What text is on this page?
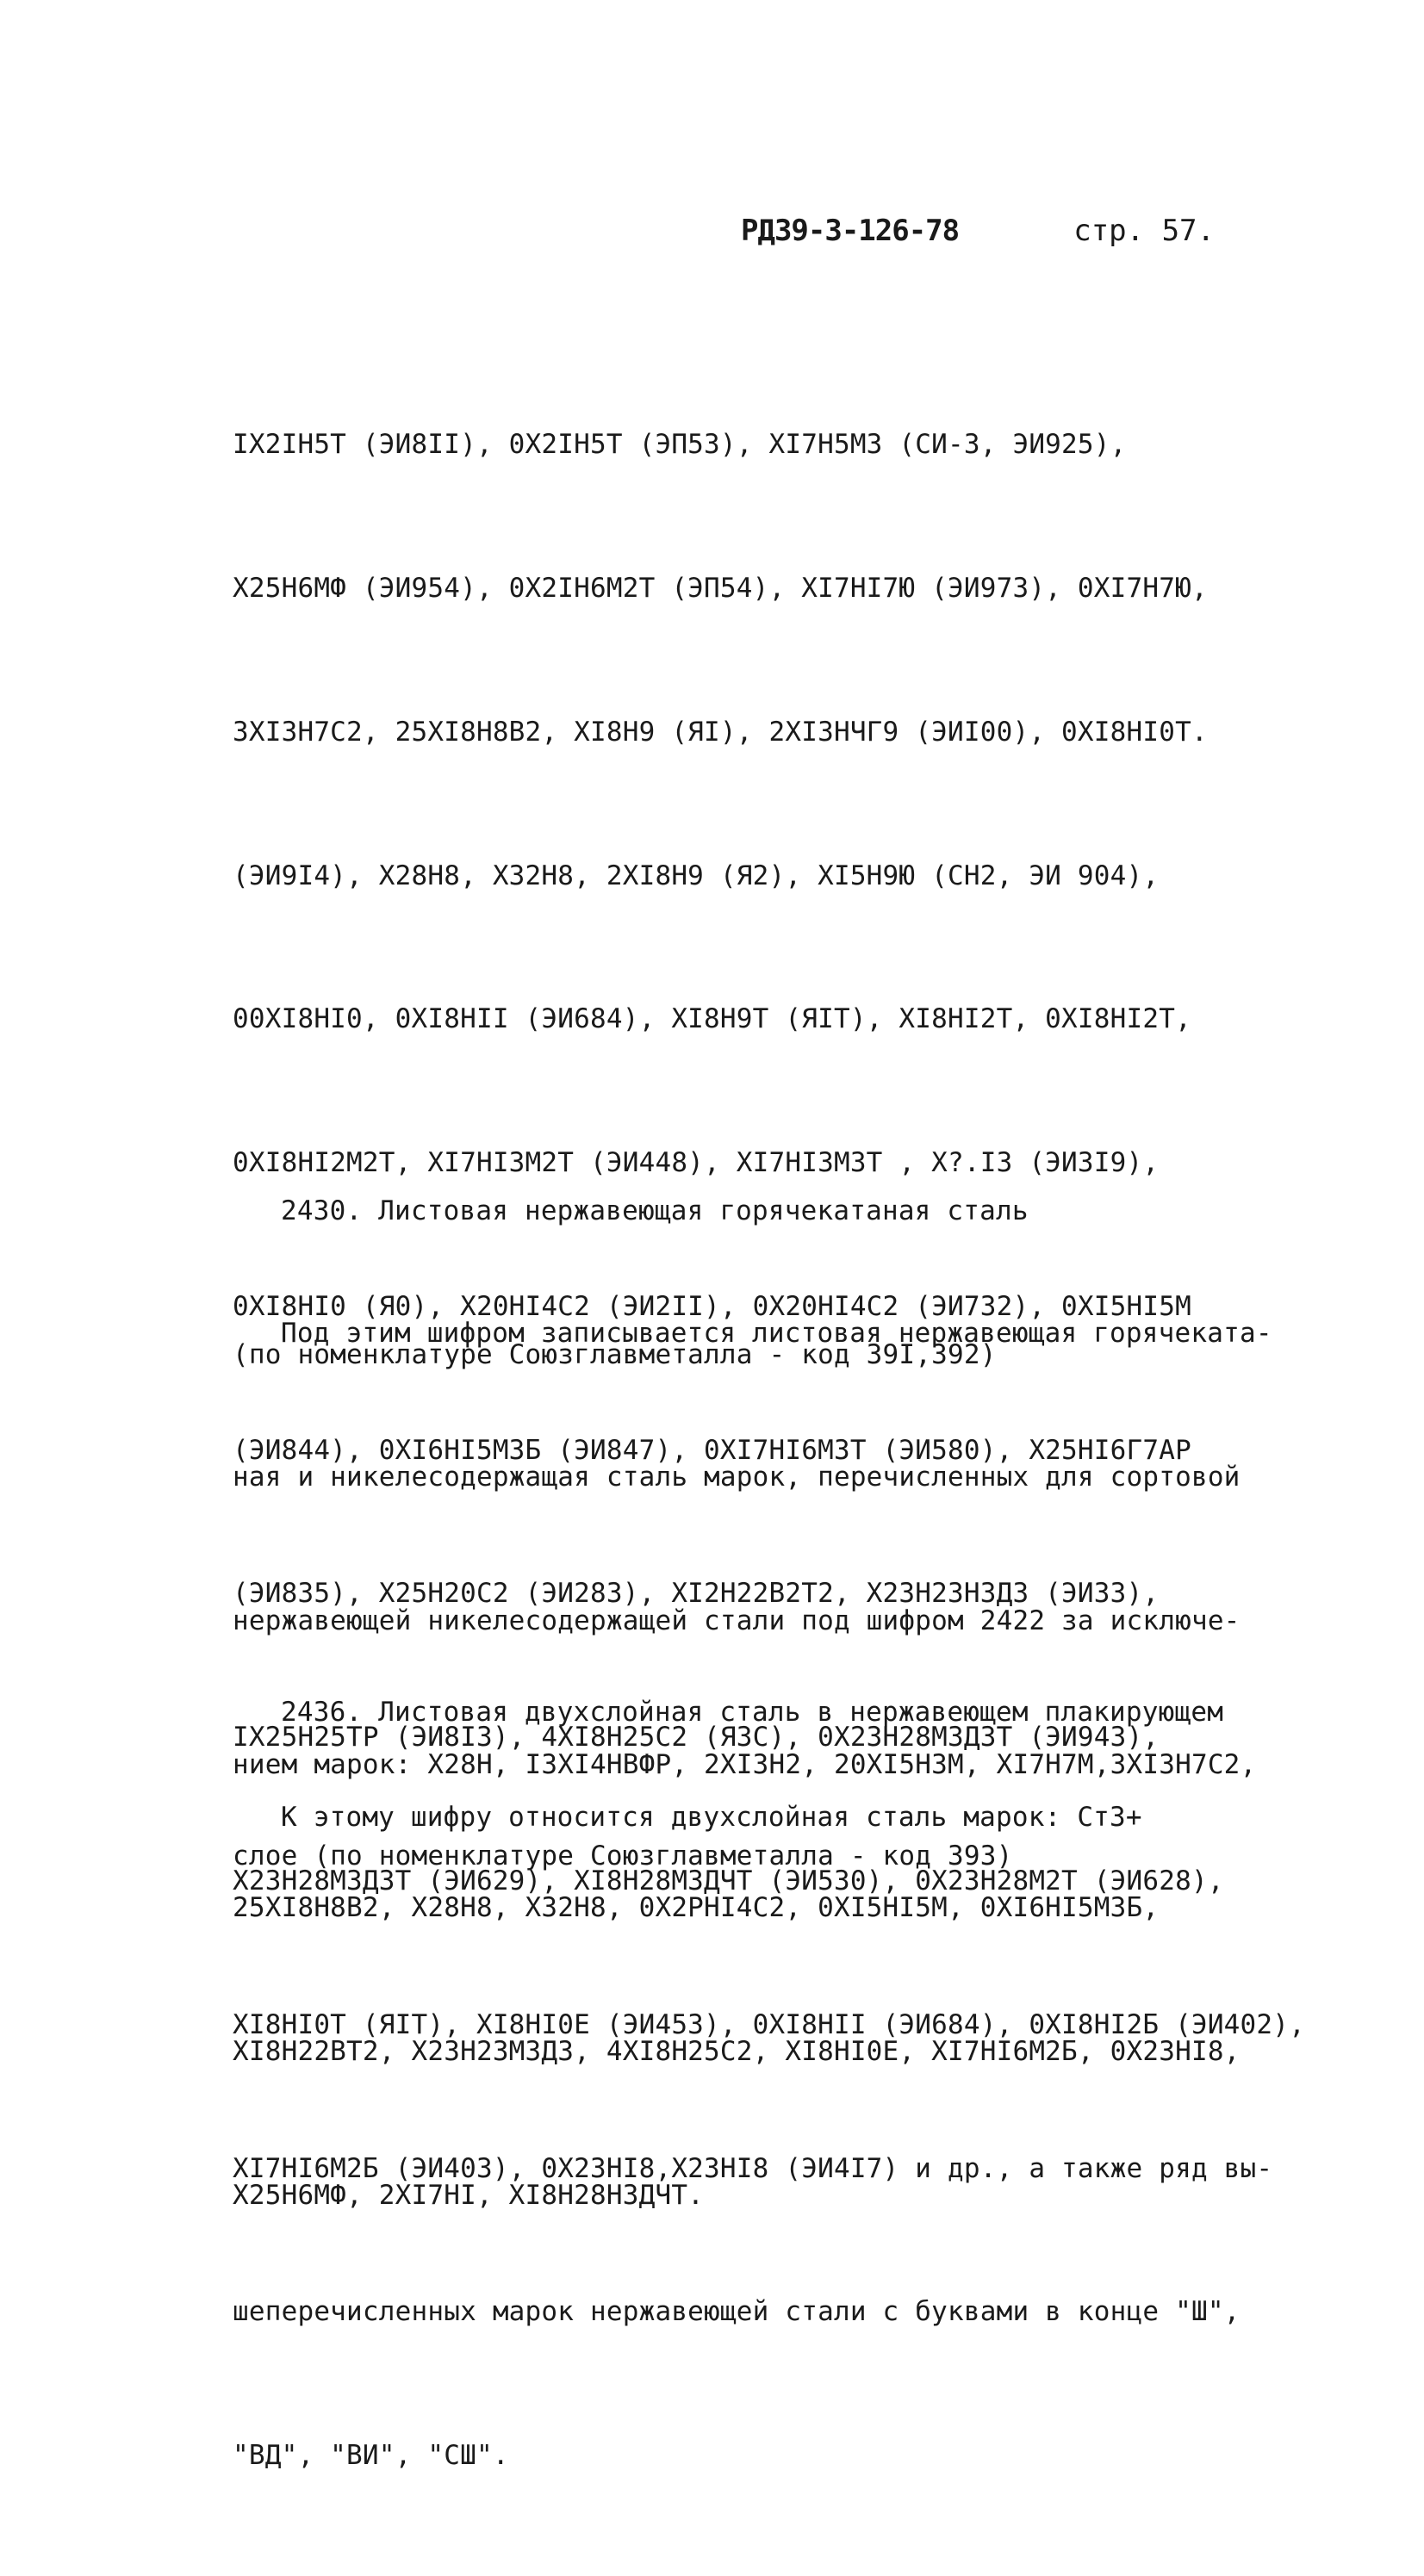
РД39-3-126-78	стр. 57.

IX2IH5T (ЭИ8II), 0X2IH5T (ЭП53), XI7H5M3 (СИ-3, ЭИ925),

X25H6МФ (ЭИ954), 0X2IH6M2T (ЭП54), XI7HI7Ю (ЭИ973), 0XI7H7Ю,

3XI3H7C2, 25XI8H8B2, XI8H9 (ЯI), 2XI3HЧГ9 (ЭИI00), 0XI8HI0T.

(ЭИ9I4), X28H8, X32H8, 2XI8H9 (Я2), XI5H9Ю (СН2, ЭИ 904),

00XI8HI0, 0XI8HII (ЭИ684), XI8H9T (ЯIT), XI8HI2T, 0XI8HI2T,

0XI8HI2M2T, XI7HI3M2T (ЭИ448), XI7HI3M3T , X?.I3 (ЭИ3I9),

0XI8HI0 (Я0), X20HI4C2 (ЭИ2II), 0X20HI4C2 (ЭИ732), 0XI5HI5M

(ЭИ844), 0XI6HI5M3Б (ЭИ847), 0XI7HI6M3T (ЭИ580), X25HI6Г7AP

(ЭИ835), X25H20C2 (ЭИ283), XI2H22B2T2, X23H23H3Д3 (ЭИ33),

IX25H25TP (ЭИ8I3), 4XI8H25C2 (Я3C), 0X23H28M3Д3T (ЭИ943),

X23H28M3Д3T (ЭИ629), XI8H28M3ДЧT (ЭИ530), 0X23H28M2T (ЭИ628),

XI8HI0T (ЯIT), XI8HI0E (ЭИ453), 0XI8HII (ЭИ684), 0XI8HI2Б (ЭИ402),

XI7HI6M2Б (ЭИ403), 0X23HI8,X23HI8 (ЭИ4I7) и др., а также ряд вы-

шеперечисленных марок нержавеющей стали с буквами в конце "Ш",

"ВД", "ВИ", "СШ".

2430. Листовая нержавеющая горячекатаная сталь

(по номенклатуре Союзглавметалла - код 39I,392)

Под этим шифром записывается листовая нержавеющая горячеката-

ная и никелесодержащая сталь марок, перечисленных для сортовой

нержавеющей никелесодержащей стали под шифром 2422 за исключе-

нием марок: X28H, I3XI4HBФP, 2XI3H2, 20XI5H3M, XI7H7M,3XI3H7C2,

25XI8H8B2, X28H8, X32H8, 0X2PHI4C2, 0XI5HI5M, 0XI6HI5M3Б,

XI8H22BT2, X23H23M3Д3, 4XI8H25C2, XI8HI0E, XI7HI6M2Б, 0X23HI8,

X25H6МФ, 2XI7HI, XI8H28H3ДЧT.

2436. Листовая двухслойная сталь в нержавеющем плакирующем

слое (по номенклатуре Союзглавметалла - код 393)

К этому шифру относится двухслойная сталь марок: Ст3+
